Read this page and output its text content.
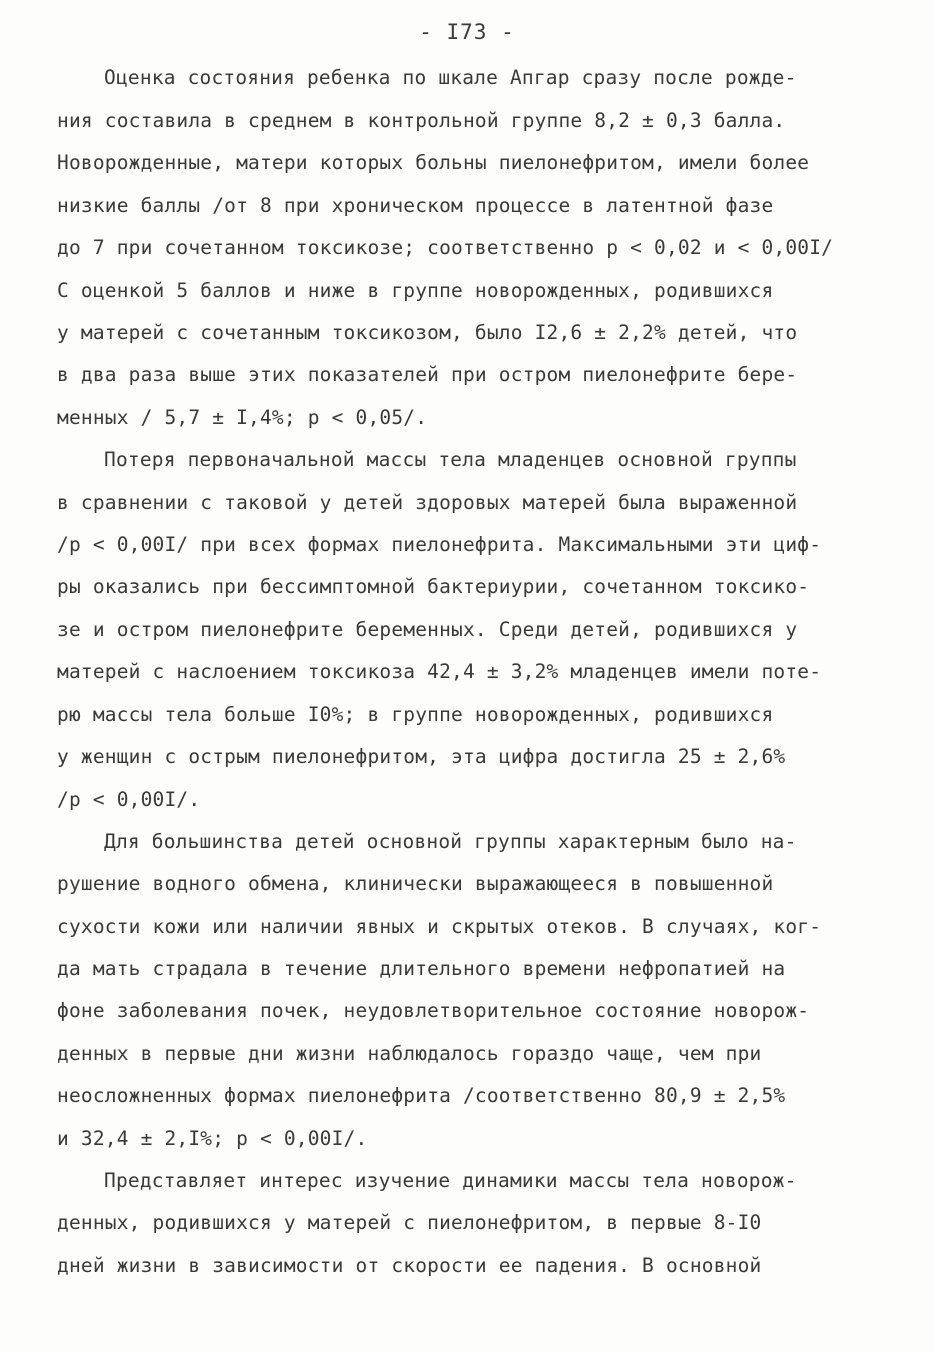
- I73 -
Оценка состояния ребенка по шкале Апгар сразу после рожде-
ния составила в среднем в контрольной группе 8,2 ± 0,3 балла.
Новорожденные, матери которых больны пиелонефритом, имели более
низкие баллы /от 8 при хроническом процессе в латентной фазе
до 7 при сочетанном токсикозе; соответственно p < 0,02 и < 0,00I/
С оценкой 5 баллов и ниже в группе новорожденных, родившихся
у матерей с сочетанным токсикозом, было I2,6 ± 2,2% детей, что
в два раза выше этих показателей при остром пиелонефрите бере-
менных / 5,7 ± I,4%; p < 0,05/.
Потеря первоначальной массы тела младенцев основной группы
в сравнении с таковой у детей здоровых матерей была выраженной
/p < 0,00I/ при всех формах пиелонефрита. Максимальными эти циф-
ры оказались при бессимптомной бактериурии, сочетанном токсико-
зе и остром пиелонефрите беременных. Среди детей, родившихся у
матерей с наслоением токсикоза 42,4 ± 3,2% младенцев имели поте-
рю массы тела больше I0%; в группе новорожденных, родившихся
у женщин с острым пиелонефритом, эта цифра достигла 25 ± 2,6%
/p < 0,00I/.
Для большинства детей основной группы характерным было на-
рушение водного обмена, клинически выражающееся в повышенной
сухости кожи или наличии явных и скрытых отеков. В случаях, ког-
да мать страдала в течение длительного времени нефропатией на
фоне заболевания почек, неудовлетворительное состояние новорож-
денных в первые дни жизни наблюдалось гораздо чаще, чем при
неосложненных формах пиелонефрита /соответственно 80,9 ± 2,5%
и 32,4 ± 2,I%; p < 0,00I/.
Представляет интерес изучение динамики массы тела новорож-
денных, родившихся у матерей с пиелонефритом, в первые 8-I0
дней жизни в зависимости от скорости ее падения. В основной
